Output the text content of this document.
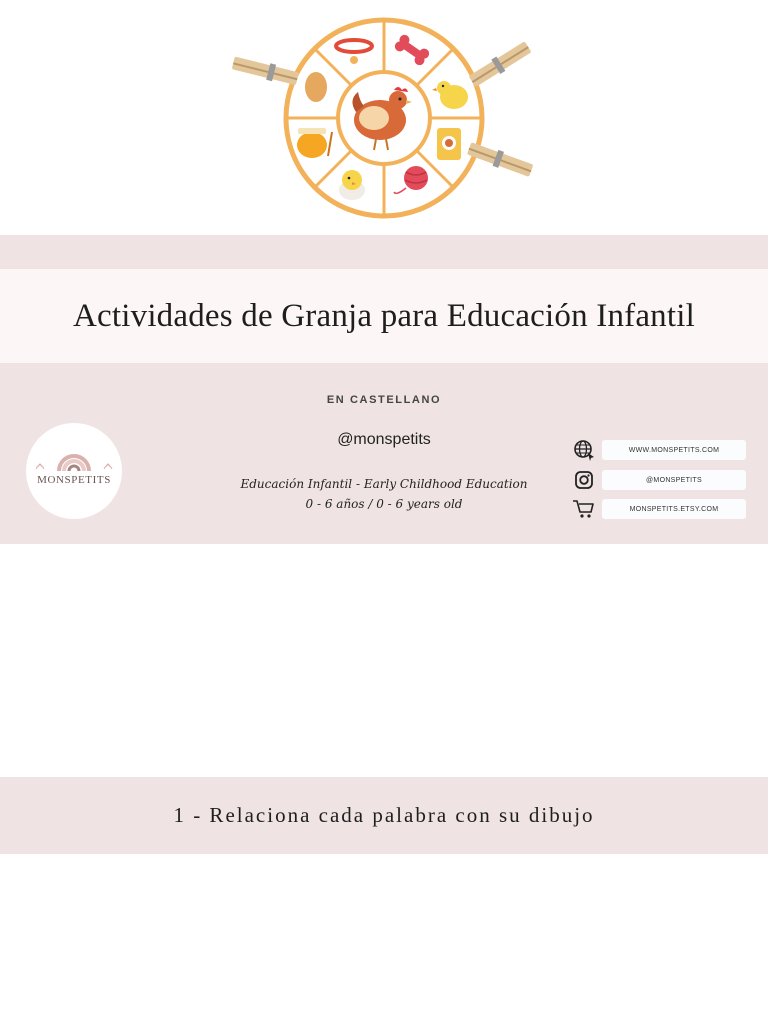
Actividades de Granja para Educación Infantil
EN CASTELLANO
MONSPETITS
@monspetits
Educación Infantil - Early Childhood Education
0 - 6 años / 0 - 6 years old
WWW.MONSPETITS.COM
@MONSPETITS
MONSPETITS.ETSY.COM
1 - Relaciona cada palabra con su dibujo
